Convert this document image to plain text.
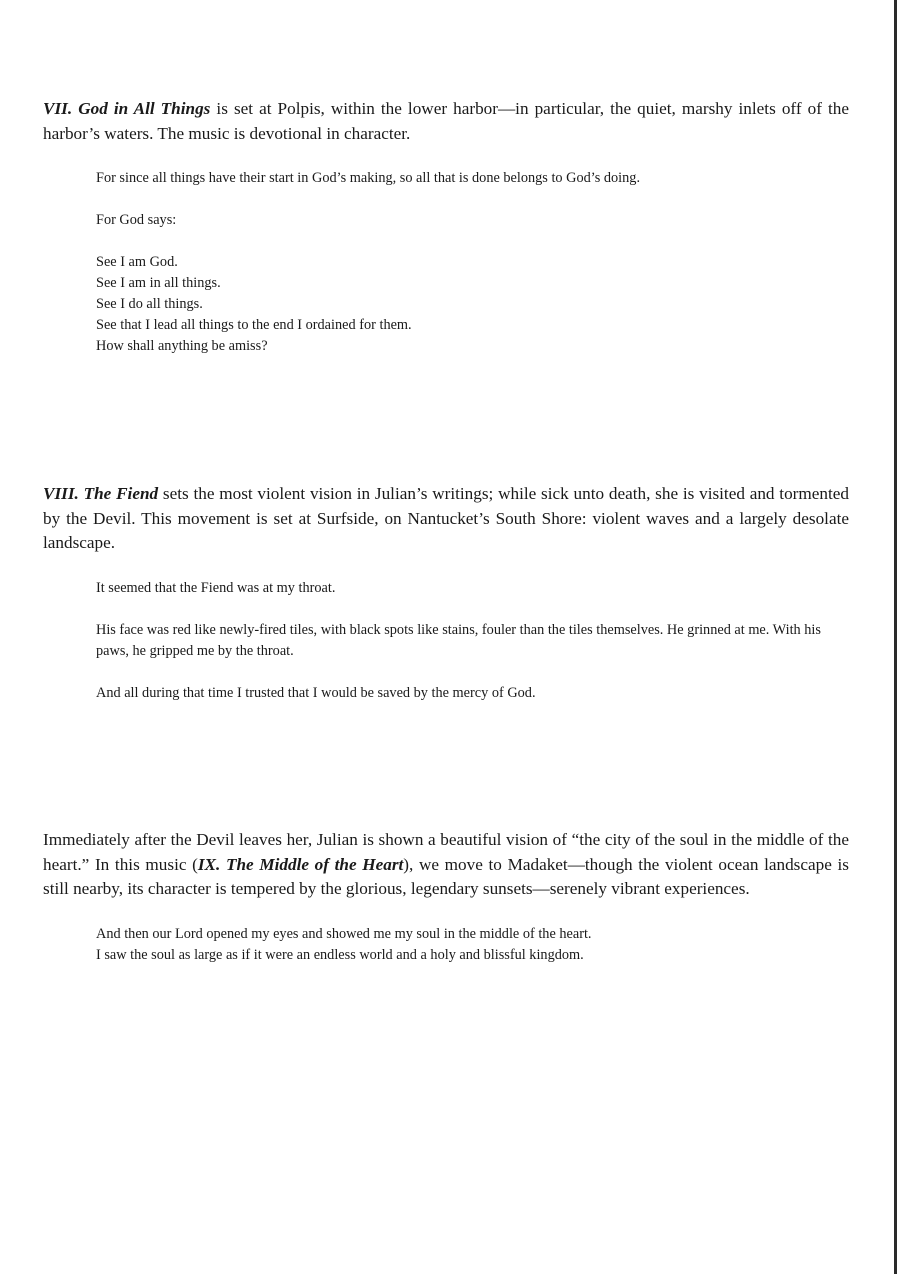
VII. God in All Things is set at Polpis, within the lower harbor—in particular, the quiet, marshy inlets off of the harbor’s waters. The music is devotional in character.

For since all things have their start in God’s making, so all that is done belongs to God’s doing.

For God says:

See I am God.
See I am in all things.
See I do all things.
See that I lead all things to the end I ordained for them.
How shall anything be amiss?

VIII. The Fiend sets the most violent vision in Julian’s writings; while sick unto death, she is visited and tormented by the Devil. This movement is set at Surfside, on Nantucket’s South Shore: violent waves and a largely desolate landscape.

It seemed that the Fiend was at my throat.

His face was red like newly-fired tiles, with black spots like stains, fouler than the tiles themselves. He grinned at me. With his paws, he gripped me by the throat.

And all during that time I trusted that I would be saved by the mercy of God.

Immediately after the Devil leaves her, Julian is shown a beautiful vision of “the city of the soul in the middle of the heart.” In this music (IX. The Middle of the Heart), we move to Madaket—though the violent ocean landscape is still nearby, its character is tempered by the glorious, legendary sunsets—serenely vibrant experiences.

And then our Lord opened my eyes and showed me my soul in the middle of the heart.
I saw the soul as large as if it were an endless world and a holy and blissful kingdom.
